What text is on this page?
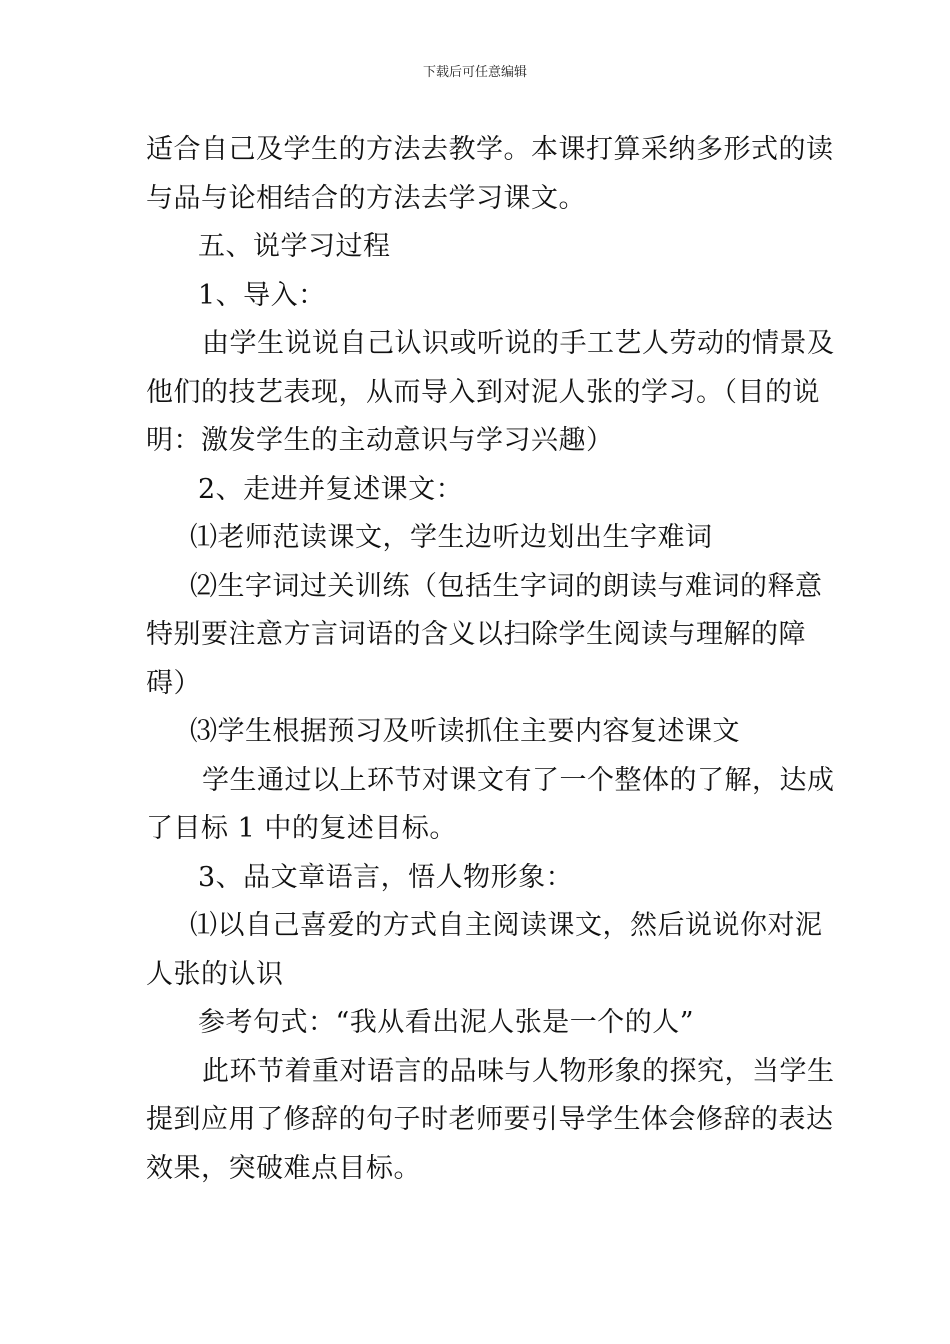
下载后可任意编辑
适合自己及学生的方法去教学。本课打算采纳多形式的读
与品与论相结合的方法去学习课文。
五、说学习过程
1、导入：
由学生说说自己认识或听说的手工艺人劳动的情景及
他们的技艺表现，从而导入到对泥人张的学习。（目的说
明：激发学生的主动意识与学习兴趣）
2、走进并复述课文：
⑴老师范读课文，学生边听边划出生字难词
⑵生字词过关训练（包括生字词的朗读与难词的释意
特别要注意方言词语的含义以扫除学生阅读与理解的障
碍）
⑶学生根据预习及听读抓住主要内容复述课文
学生通过以上环节对课文有了一个整体的了解，达成
了目标 1 中的复述目标。
3、品文章语言，悟人物形象：
⑴以自己喜爱的方式自主阅读课文，然后说说你对泥
人张的认识
参考句式：“我从看出泥人张是一个的人”
此环节着重对语言的品味与人物形象的探究，当学生
提到应用了修辞的句子时老师要引导学生体会修辞的表达
效果，突破难点目标。
